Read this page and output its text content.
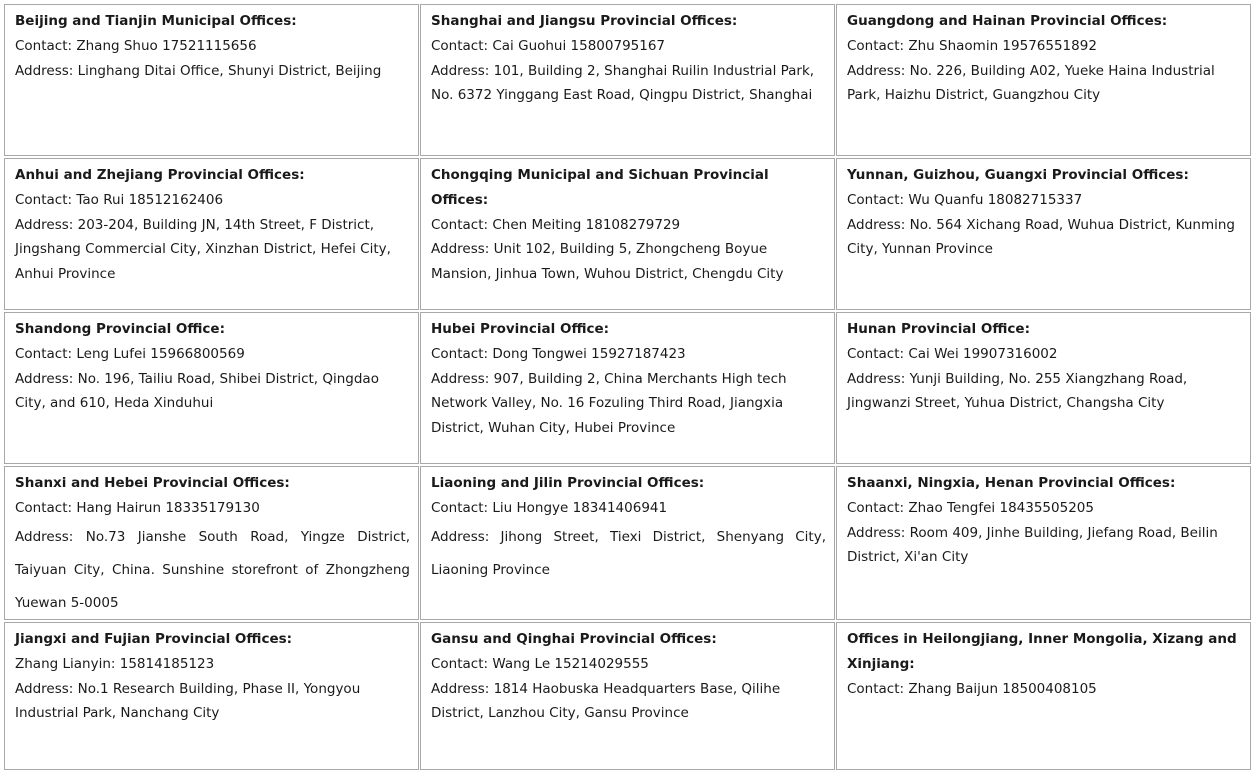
Beijing and Tianjin Municipal Offices:
Contact: Zhang Shuo 17521115656
Address: Linghang Ditai Office, Shunyi District, Beijing
Shanghai and Jiangsu Provincial Offices:
Contact: Cai Guohui 15800795167
Address: 101, Building 2, Shanghai Ruilin Industrial Park, No. 6372 Yinggang East Road, Qingpu District, Shanghai
Guangdong and Hainan Provincial Offices:
Contact: Zhu Shaomin 19576551892
Address: No. 226, Building A02, Yueke Haina Industrial Park, Haizhu District, Guangzhou City
Anhui and Zhejiang Provincial Offices:
Contact: Tao Rui 18512162406
Address: 203-204, Building JN, 14th Street, F District, Jingshang Commercial City, Xinzhan District, Hefei City, Anhui Province
Chongqing Municipal and Sichuan Provincial Offices:
Contact: Chen Meiting 18108279729
Address: Unit 102, Building 5, Zhongcheng Boyue Mansion, Jinhua Town, Wuhou District, Chengdu City
Yunnan, Guizhou, Guangxi Provincial Offices:
Contact: Wu Quanfu 18082715337
Address: No. 564 Xichang Road, Wuhua District, Kunming City, Yunnan Province
Shandong Provincial Office:
Contact: Leng Lufei 15966800569
Address: No. 196, Tailiu Road, Shibei District, Qingdao City, and 610, Heda Xinduhui
Hubei Provincial Office:
Contact: Dong Tongwei 15927187423
Address: 907, Building 2, China Merchants High tech Network Valley, No. 16 Fozuling Third Road, Jiangxia District, Wuhan City, Hubei Province
Hunan Provincial Office:
Contact: Cai Wei 19907316002
Address: Yunji Building, No. 255 Xiangzhang Road, Jingwanzi Street, Yuhua District, Changsha City
Shanxi and Hebei Provincial Offices:
Contact: Hang Hairun 18335179130
Address: No.73 Jianshe South Road, Yingze District, Taiyuan City, China. Sunshine storefront of Zhongzheng Yuewan 5-0005
Liaoning and Jilin Provincial Offices:
Contact: Liu Hongye 18341406941
Address: Jihong Street, Tiexi District, Shenyang City, Liaoning Province
Shaanxi, Ningxia, Henan Provincial Offices:
Contact: Zhao Tengfei 18435505205
Address: Room 409, Jinhe Building, Jiefang Road, Beilin District, Xi'an City
Jiangxi and Fujian Provincial Offices:
Zhang Lianyin: 15814185123
Address: No.1 Research Building, Phase II, Yongyou Industrial Park, Nanchang City
Gansu and Qinghai Provincial Offices:
Contact: Wang Le 15214029555
Address: 1814 Haobuska Headquarters Base, Qilihe District, Lanzhou City, Gansu Province
Offices in Heilongjiang, Inner Mongolia, Xizang and Xinjiang:
Contact: Zhang Baijun 18500408105
